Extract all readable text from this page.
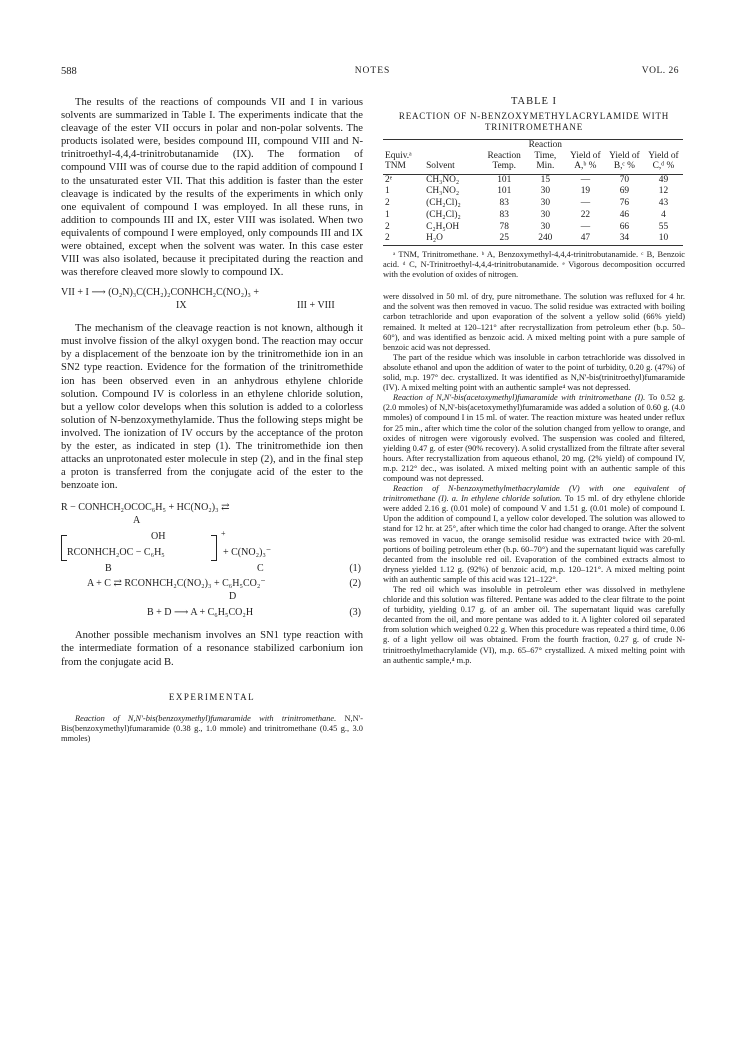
588	NOTES	VOL. 26

The results of the reactions of compounds VII and I in various solvents are summarized in Table I. The experiments indicate that the cleavage of the ester VII occurs in polar and non-polar solvents. The products isolated were, besides compound III, compound VIII and N-trinitroethyl-4,4,4-trinitrobutanamide (IX). The formation of compound VIII was of course due to the rapid addition of compound I to the unsaturated ester VII. That this addition is faster than the ester cleavage is indicated by the results of the experiments in which only one equivalent of compound I was employed. In all these runs, in addition to compounds III and IX, ester VIII was isolated. When two equivalents of compound I were employed, only compounds III and IX were obtained, except when the solvent was water. In this case ester VIII was also isolated, because it precipitated during the reaction and was therefore cleaved more slowly to compound IX.

VII + I ⟶ (O₂N)₃C(CH₂)₂CONHCH₂C(NO₂)₃ +
IX	III + VIII

The mechanism of the cleavage reaction is not known, although it must involve fission of the alkyl oxygen bond. The reaction may occur by a displacement of the benzoate ion by the trinitromethide ion in an SN2 type reaction. Evidence for the formation of the trinitromethide ion has been observed even in an anhydrous ethylene chloride solution. Compound IV is colorless in an ethylene chloride solution, but a yellow color develops when this solution is added to a colorless solution of N-benzoxymethylamide. Thus the following steps might be involved. The ionization of IV occurs by the acceptance of the proton by the ester, as indicated in step (1). The trinitromethide ion then attacks an unprotonated ester molecule in step (2), and in the final step a proton is transferred from the conjugate acid of the ester to the benzoate ion.

R − CONHCH₂OCOC₆H₅ + HC(NO₂)₃ ⇄
A
OH	+
RCONHCH₂OC − C₆H₅	+ C(NO₂)₃⁻
B	C	(1)
A + C ⇄ RCONHCH₂C(NO₂)₃ + C₆H₅CO₂⁻	(2)
D
B + D ⟶ A + C₆H₅CO₂H	(3)

Another possible mechanism involves an SN1 type reaction with the intermediate formation of a resonance stabilized carbonium ion from the conjugate acid B.

EXPERIMENTAL

Reaction of N,N'-bis(benzoxymethyl)fumaramide with trinitromethane. N,N'-Bis(benzoxymethyl)fumaramide (0.38 g., 1.0 mmole) and trinitromethane (0.45 g., 3.0 mmoles)

TABLE I
REACTION OF N-BENZOXYMETHYLACRYLAMIDE WITH TRINITROMETHANE
Equiv.ᵃ TNM	Solvent	Reaction Temp.	Reaction Time, Min.	Yield of A,ᵇ %	Yield of B,ᶜ %	Yield of C,ᵈ %
2ᵉ	CH₃NO₂	101	15	—	70	49
1	CH₃NO₂	101	30	19	69	12
2	(CH₂Cl)₂	83	30	—	76	43
1	(CH₂Cl)₂	83	30	22	46	4
2	C₂H₅OH	78	30	—	66	55
2	H₂O	25	240	47	34	10
ᵃ TNM, Trinitromethane. ᵇ A, Benzoxymethyl-4,4,4-trinitrobutanamide. ᶜ B, Benzoic acid. ᵈ C, N-Trinitroethyl-4,4,4-trinitrobutanamide. ᵉ Vigorous decomposition occurred with the evolution of oxides of nitrogen.

were dissolved in 50 ml. of dry, pure nitromethane. The solution was refluxed for 4 hr. and the solvent was then removed in vacuo. The solid residue was extracted with boiling carbon tetrachloride and upon evaporation of the solvent a yellow solid (66% yield) remained. It melted at 120–121° after recrystallization from petroleum ether (b.p. 50–60°), and was identified as benzoic acid. A mixed melting point with a pure sample of benzoic acid was not depressed.

The part of the residue which was insoluble in carbon tetrachloride was dissolved in absolute ethanol and upon the addition of water to the point of turbidity, 0.20 g. (47%) of solid, m.p. 197° dec. crystallized. It was identified as N,N'-bis(trinitroethyl)fumaramide (IV). A mixed melting point with an authentic sample⁴ was not depressed.

Reaction of N,N'-bis(acetoxymethyl)fumaramide with trinitromethane (I). To 0.52 g. (2.0 mmoles) of N,N'-bis(acetoxymethyl)fumaramide was added a solution of 0.60 g. (4.0 mmoles) of compound I in 15 ml. of water. The reaction mixture was heated under reflux for 25 min., after which time the color of the solution changed from yellow to orange, and oxides of nitrogen were vigorously evolved. The suspension was cooled and filtered, yielding 0.47 g. of ester (90% recovery). A solid crystallized from the filtrate after several hours. After recrystallization from aqueous ethanol, 20 mg. (2% yield) of compound IV, m.p. 212° dec., was isolated. A mixed melting point with an authentic sample of this compound was not depressed.

Reaction of N-benzoxymethylmethacrylamide (V) with one equivalent of trinitromethane (I). a. In ethylene chloride solution. To 15 ml. of dry ethylene chloride were added 2.16 g. (0.01 mole) of compound V and 1.51 g. (0.01 mole) of compound I. Upon the addition of compound I, a yellow color developed. The solution was allowed to stand for 12 hr. at 25°, after which time the color had changed to orange. After the solvent was removed in vacuo, the orange semisolid residue was extracted twice with 20-ml. portions of boiling petroleum ether (b.p. 60–70°) and the supernatant liquid was carefully decanted from the insoluble red oil. Evaporation of the combined extracts almost to dryness yielded 1.12 g. (92%) of benzoic acid, m.p. 120–121°. A mixed melting point with an authentic sample of this acid was 121–122°.

The red oil which was insoluble in petroleum ether was dissolved in methylene chloride and this solution was filtered. Pentane was added to the clear filtrate to the point of turbidity, yielding 0.17 g. of an amber oil. The supernatant liquid was carefully decanted from the oil, and more pentane was added to it. A lighter colored oil separated from solution which weighed 0.22 g. When this procedure was repeated a third time, 0.06 g. of a light yellow oil was obtained. From the fourth fraction, 0.27 g. of crude N-trinitroethylmethacrylamide (VI), m.p. 65–67° crystallized. A mixed melting point with an authentic sample,⁴ m.p.
